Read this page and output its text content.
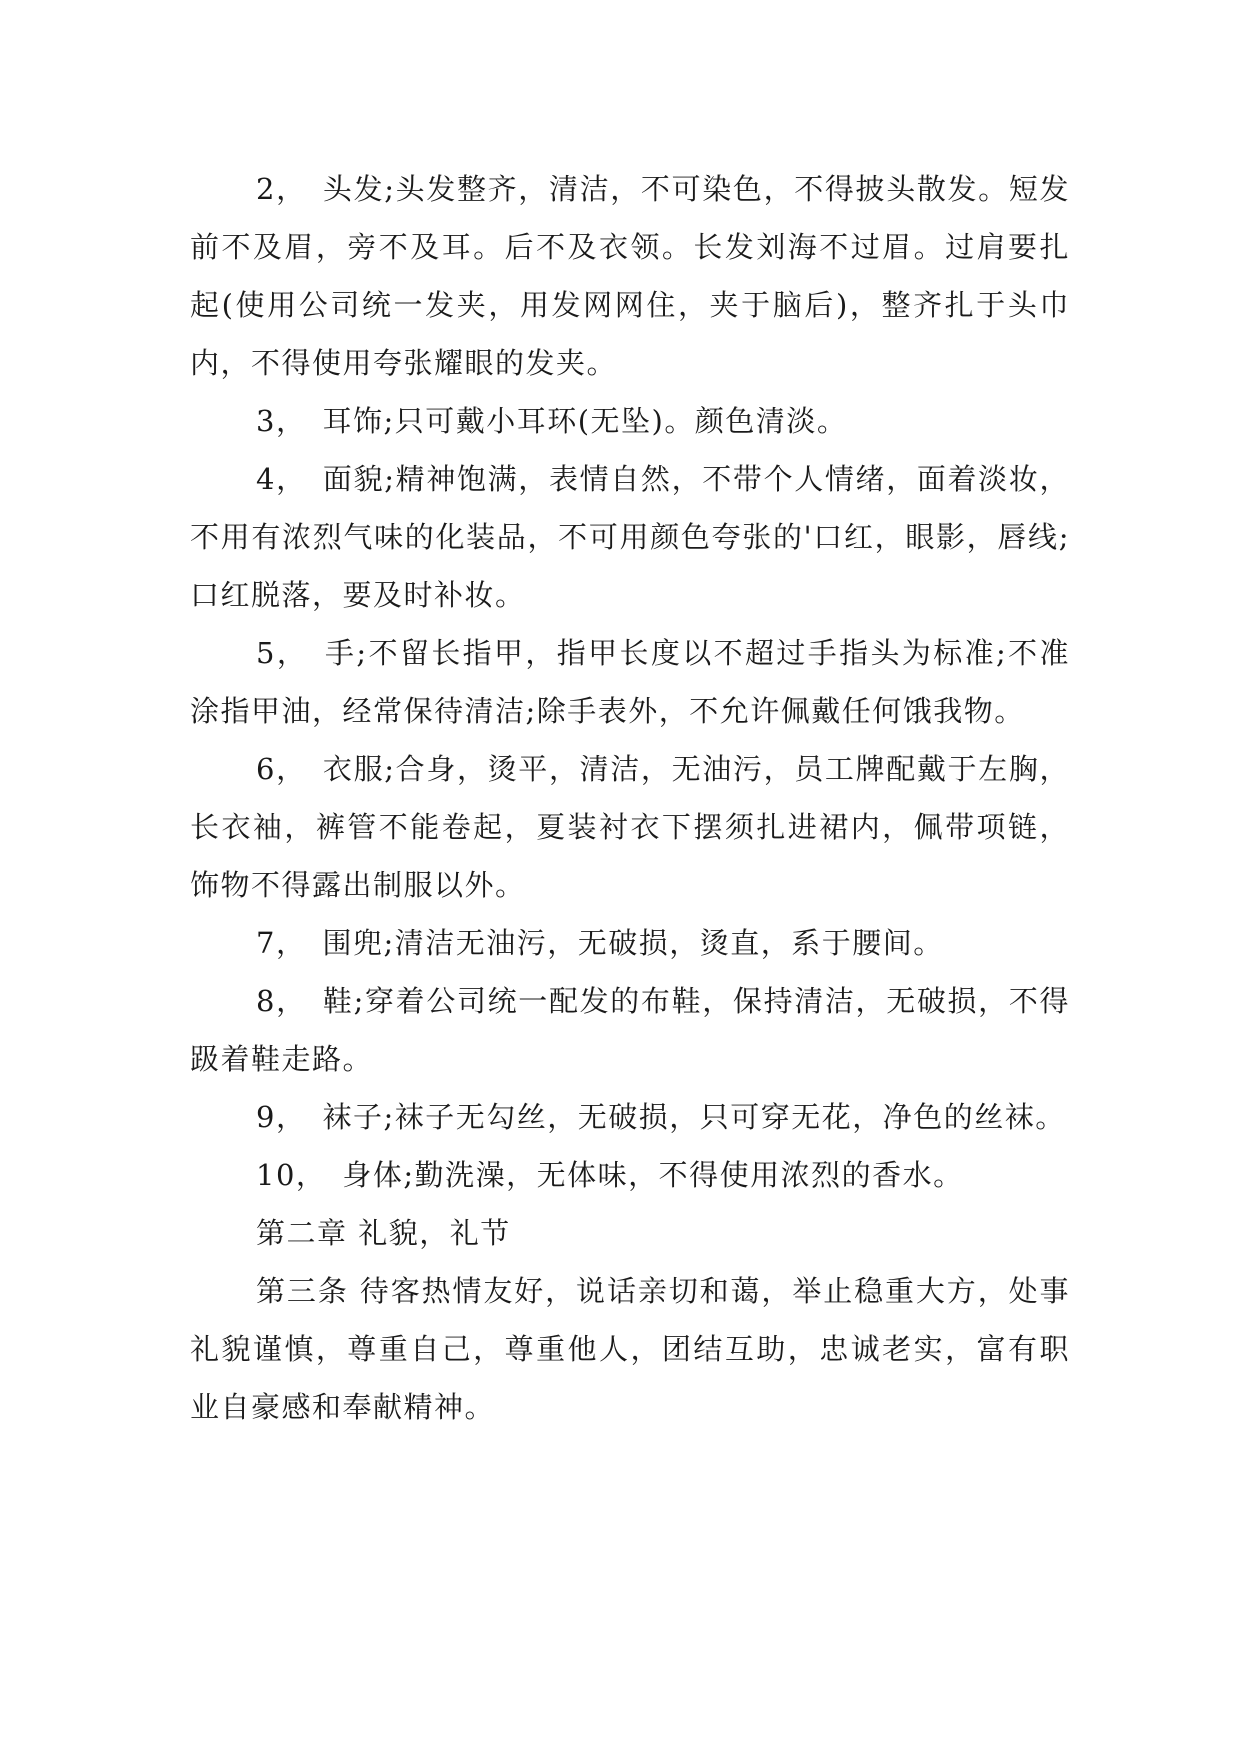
2，　头发;头发整齐，清洁，不可染色，不得披头散发。短发前不及眉，旁不及耳。后不及衣领。长发刘海不过眉。过肩要扎起(使用公司统一发夹，用发网网住，夹于脑后)，整齐扎于头巾内，不得使用夸张耀眼的发夹。

3，　耳饰;只可戴小耳环(无坠)。颜色清淡。

4，　面貌;精神饱满，表情自然，不带个人情绪，面着淡妆，不用有浓烈气味的化装品，不可用颜色夸张的'口红，眼影，唇线;口红脱落，要及时补妆。

5，　手;不留长指甲，指甲长度以不超过手指头为标准;不准涂指甲油，经常保待清洁;除手表外，不允许佩戴任何饿我物。

6，　衣服;合身，烫平，清洁，无油污，员工牌配戴于左胸，长衣袖，裤管不能卷起，夏装衬衣下摆须扎进裙内，佩带项链，饰物不得露出制服以外。

7，　围兜;清洁无油污，无破损，烫直，系于腰间。

8，　鞋;穿着公司统一配发的布鞋，保持清洁，无破损，不得趿着鞋走路。

9，　袜子;袜子无勾丝，无破损，只可穿无花，净色的丝袜。

10，　身体;勤洗澡，无体味，不得使用浓烈的香水。

第二章 礼貌，礼节

第三条 待客热情友好，说话亲切和蔼，举止稳重大方，处事礼貌谨慎，尊重自己，尊重他人，团结互助，忠诚老实，富有职业自豪感和奉献精神。
